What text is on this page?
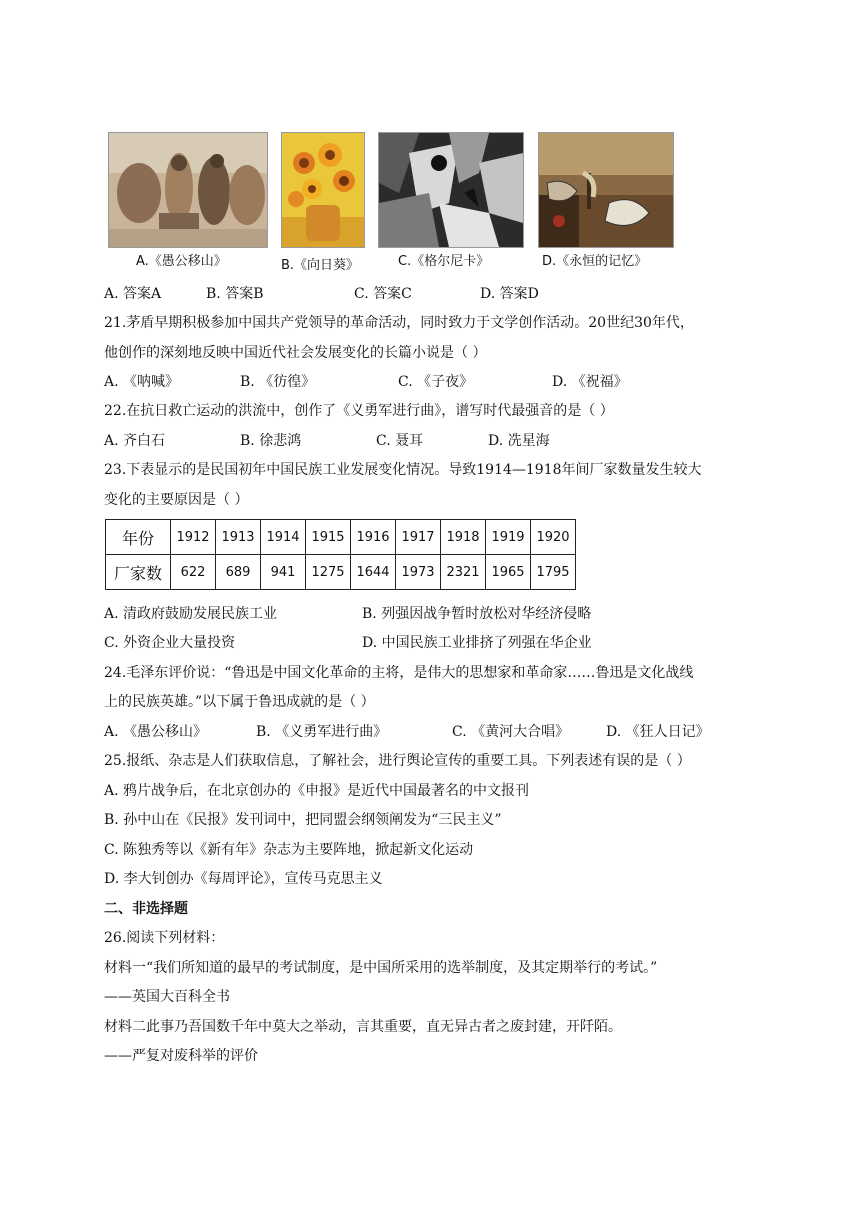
A.《愚公移山》	B.《向日葵》	C.《格尔尼卡》	D.《永恒的记忆》
A. 答案A	B. 答案B	C. 答案C	D. 答案D
21.茅盾早期积极参加中国共产党领导的革命活动，同时致力于文学创作活动。20世纪30年代，
他创作的深刻地反映中国近代社会发展变化的长篇小说是（ ）
A. 《呐喊》	B. 《彷徨》	C. 《子夜》	D. 《祝福》
22.在抗日救亡运动的洪流中，创作了《义勇军进行曲》，谱写时代最强音的是（ ）
A. 齐白石	B. 徐悲鸿	C. 聂耳	D. 冼星海
23.下表显示的是民国初年中国民族工业发展变化情况。导致1914—1918年间厂家数量发生较大
变化的主要原因是（ ）
年份	1912	1913	1914	1915	1916	1917	1918	1919	1920
厂家数	622	689	941	1275	1644	1973	2321	1965	1795
A. 清政府鼓励发展民族工业	B. 列强因战争暂时放松对华经济侵略
C. 外资企业大量投资	D. 中国民族工业排挤了列强在华企业
24.毛泽东评价说：“鲁迅是中国文化革命的主将，是伟大的思想家和革命家……鲁迅是文化战线
上的民族英雄。”以下属于鲁迅成就的是（ ）
A. 《愚公移山》	B. 《义勇军进行曲》	C. 《黄河大合唱》	D. 《狂人日记》
25.报纸、杂志是人们获取信息，了解社会，进行舆论宣传的重要工具。下列表述有误的是（ ）
A. 鸦片战争后，在北京创办的《申报》是近代中国最著名的中文报刊
B. 孙中山在《民报》发刊词中，把同盟会纲领阐发为“三民主义”
C. 陈独秀等以《新有年》杂志为主要阵地，掀起新文化运动
D. 李大钊创办《每周评论》，宣传马克思主义
二、非选择题
26.阅读下列材料：
材料一“我们所知道的最早的考试制度，是中国所采用的选举制度，及其定期举行的考试。”
——英国大百科全书
材料二此事乃吾国数千年中莫大之举动，言其重要，直无异古者之废封建，开阡陌。
——严复对废科举的评价
